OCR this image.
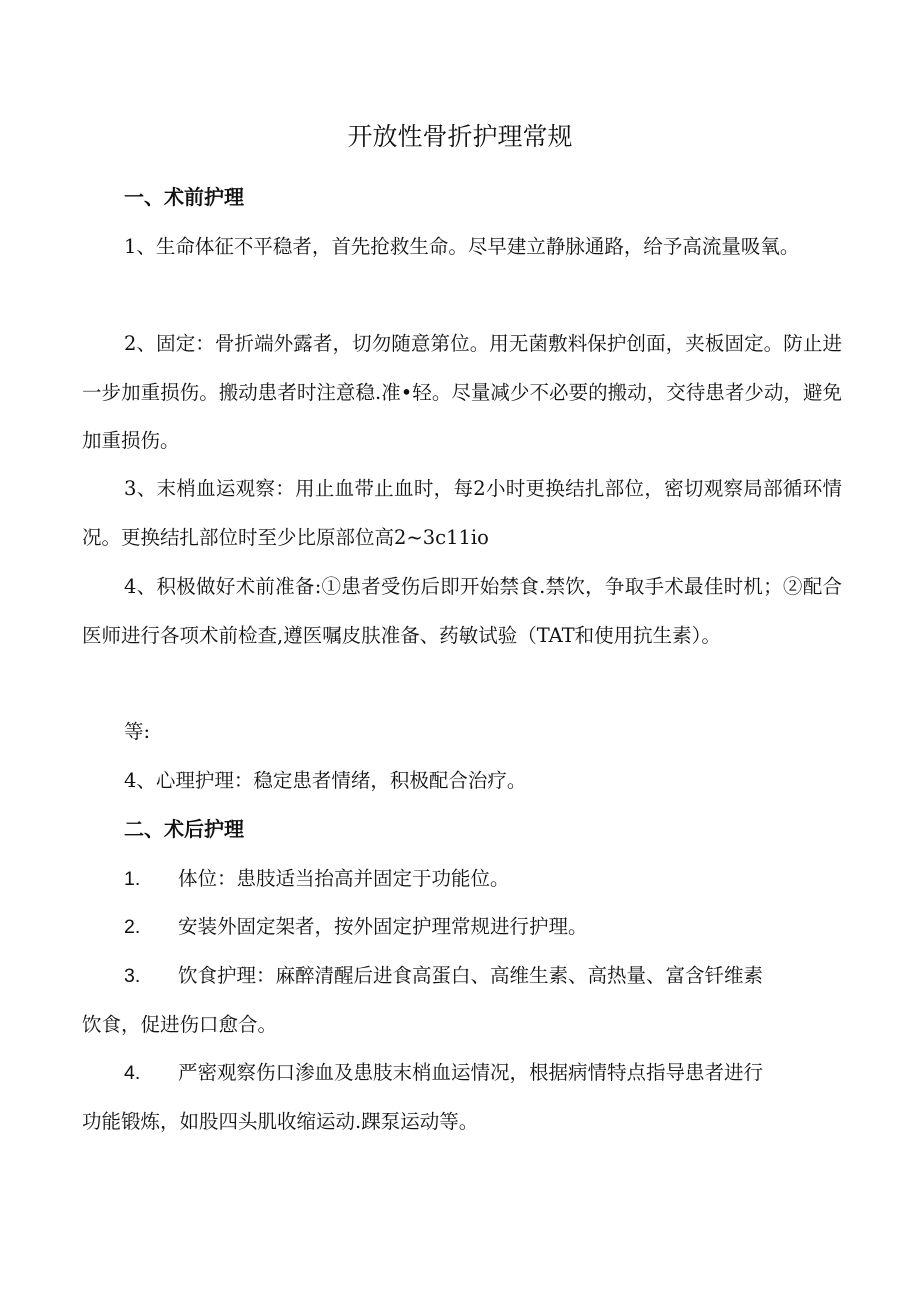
开放性骨折护理常规
一、术前护理

1、生命体征不平稳者，首先抢救生命。尽早建立静脉通路，给予高流量吸氧。

2、固定：骨折端外露者，切勿随意第位。用无菌敷料保护创面，夹板固定。防止进一步加重损伤。搬动患者时注意稳.准•轻。尽量减少不必要的搬动，交待患者少动，避免加重损伤。

3、末梢血运观察：用止血带止血时，每2小时更换结扎部位，密切观察局部循环情况。更换结扎部位时至少比原部位高2~3c11io

4、积极做好术前准备:①患者受伤后即开始禁食.禁饮，争取手术最佳时机；②配合医师进行各项术前检查,遵医嘱皮肤准备、药敏试验（TAT和使用抗生素）。

等:

4、心理护理：稳定患者情绪，积极配合治疗。

二、术后护理
1. 体位：患肢适当抬高并固定于功能位。
2. 安装外固定架者，按外固定护理常规进行护理。
3. 饮食护理：麻醉清醒后进食高蛋白、高维生素、高热量、富含钎维素
饮食，促进伤口愈合。
4. 严密观察伤口渗血及患肢末梢血运情况，根据病情特点指导患者进行
功能锻炼，如股四头肌收缩运动.踝泵运动等。
